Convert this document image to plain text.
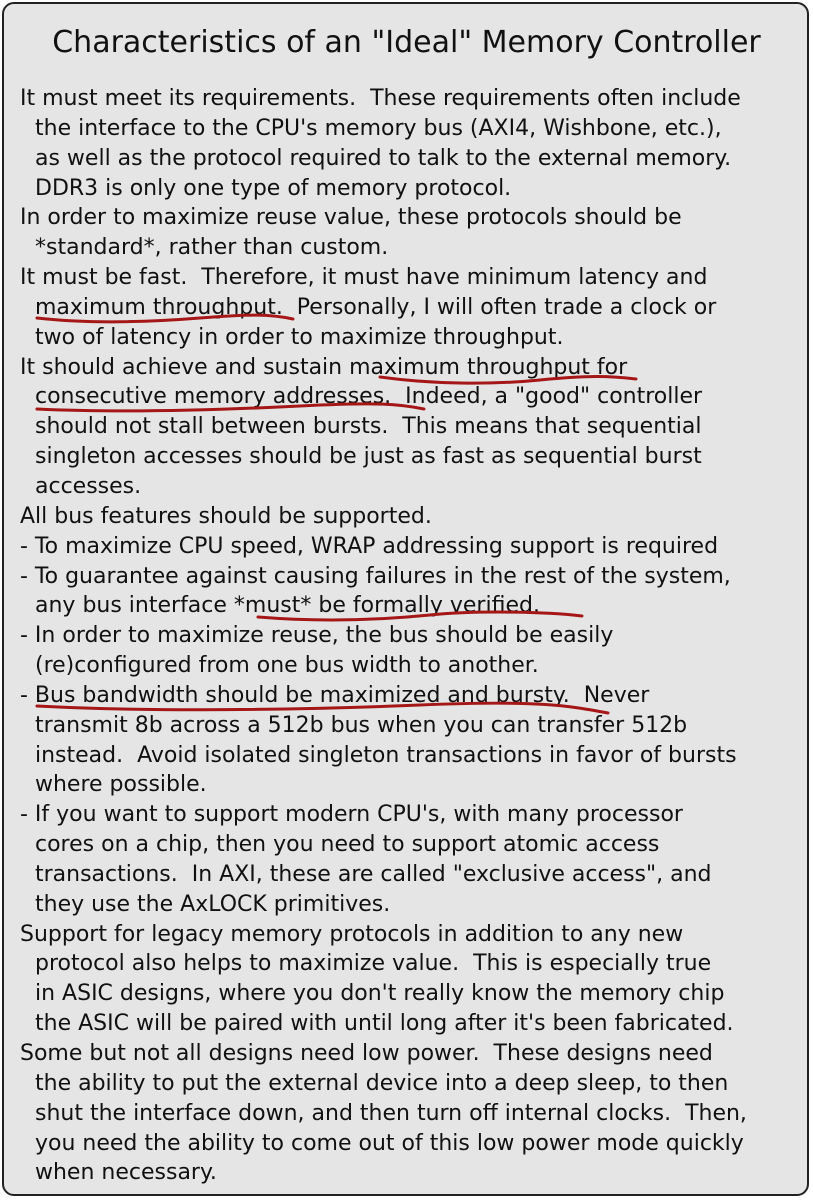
Characteristics of an "Ideal" Memory Controller
It must meet its requirements.  These requirements often include
the interface to the CPU's memory bus (AXI4, Wishbone, etc.),
as well as the protocol required to talk to the external memory.
DDR3 is only one type of memory protocol.
In order to maximize reuse value, these protocols should be
*standard*, rather than custom.
It must be fast.  Therefore, it must have minimum latency and
maximum throughput.  Personally, I will often trade a clock or
two of latency in order to maximize throughput.
It should achieve and sustain maximum throughput for
consecutive memory addresses.  Indeed, a "good" controller
should not stall between bursts.  This means that sequential
singleton accesses should be just as fast as sequential burst
accesses.
All bus features should be supported.
- To maximize CPU speed, WRAP addressing support is required
- To guarantee against causing failures in the rest of the system,
any bus interface *must* be formally verified.
- In order to maximize reuse, the bus should be easily
(re)configured from one bus width to another.
- Bus bandwidth should be maximized and bursty.  Never
transmit 8b across a 512b bus when you can transfer 512b
instead.  Avoid isolated singleton transactions in favor of bursts
where possible.
- If you want to support modern CPU's, with many processor
cores on a chip, then you need to support atomic access
transactions.  In AXI, these are called "exclusive access", and
they use the AxLOCK primitives.
Support for legacy memory protocols in addition to any new
protocol also helps to maximize value.  This is especially true
in ASIC designs, where you don't really know the memory chip
the ASIC will be paired with until long after it's been fabricated.
Some but not all designs need low power.  These designs need
the ability to put the external device into a deep sleep, to then
shut the interface down, and then turn off internal clocks.  Then,
you need the ability to come out of this low power mode quickly
when necessary.
